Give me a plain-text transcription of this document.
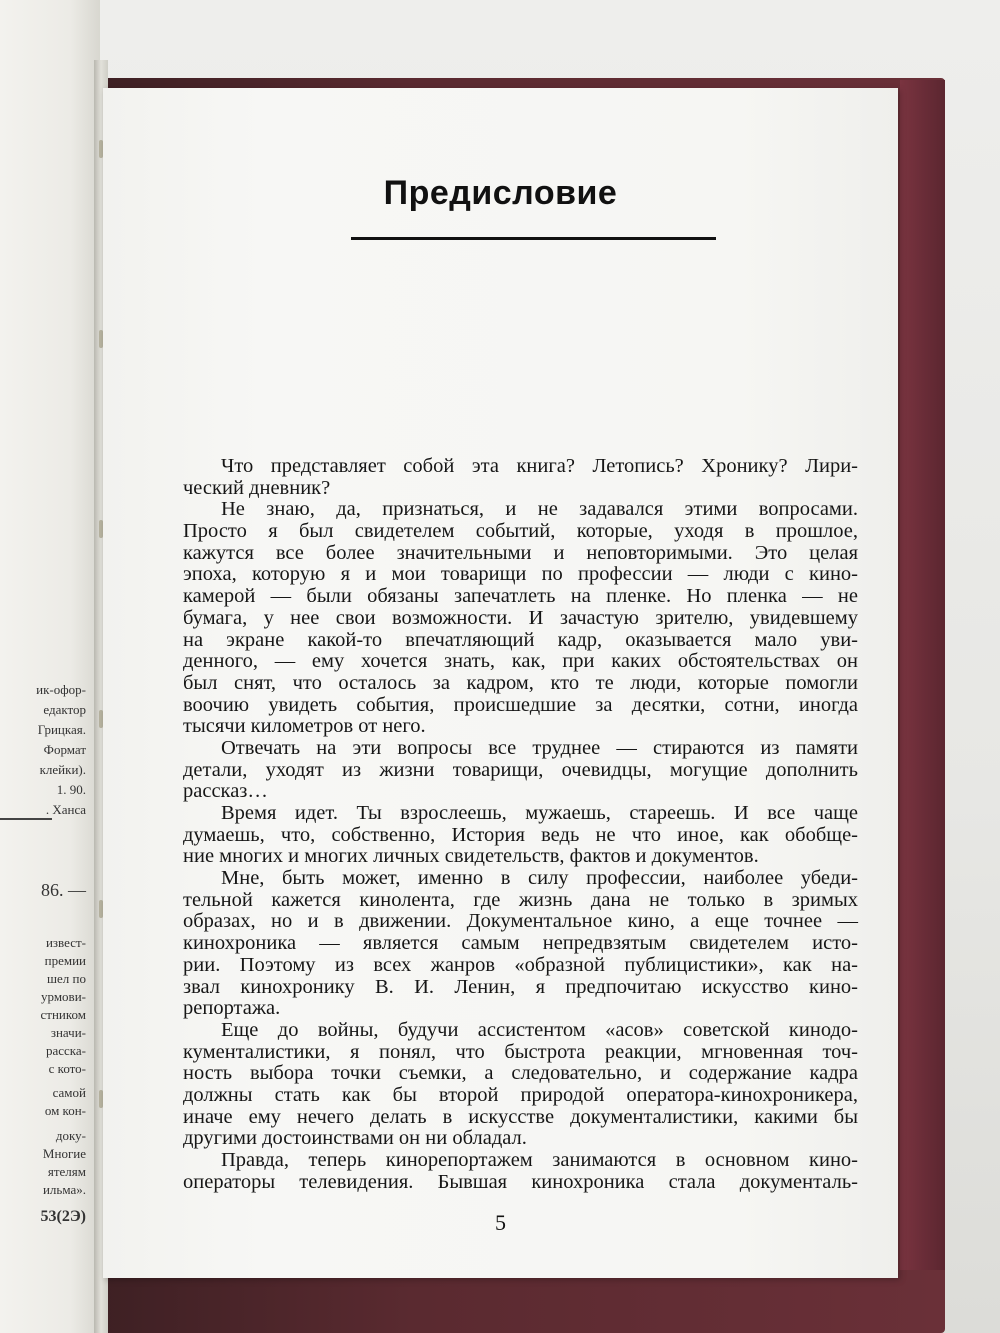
ик-офор-
едактор
Грицкая.
Формат
клейки).
1. 90.
. Хансa
86. —
извест-
премии
шел по
урмови-
стником
значи-
расска-
с кото-
самой
ом кон-
доку-
Многие
ятелям
ильма».
53(2Э)
Предисловие
Что представляет собой эта книга? Летопись? Хронику? Лири-
ческий дневник?
Не знаю, да, признаться, и не задавался этими вопросами.
Просто я был свидетелем событий, которые, уходя в прошлое,
кажутся все более значительными и неповторимыми. Это целая
эпоха, которую я и мои товарищи по профессии — люди с кино-
камерой — были обязаны запечатлеть на пленке. Но пленка — не
бумага, у нее свои возможности. И зачастую зрителю, увидевшему
на экране какой-то впечатляющий кадр, оказывается мало уви-
денного, — ему хочется знать, как, при каких обстоятельствах он
был снят, что осталось за кадром, кто те люди, которые помогли
воочию увидеть события, происшедшие за десятки, сотни, иногда
тысячи километров от него.
Отвечать на эти вопросы все труднее — стираются из памяти
детали, уходят из жизни товарищи, очевидцы, могущие дополнить
рассказ…
Время идет. Ты взрослеешь, мужаешь, стареешь. И все чаще
думаешь, что, собственно, История ведь не что иное, как обобще-
ние многих и многих личных свидетельств, фактов и документов.
Мне, быть может, именно в силу профессии, наиболее убеди-
тельной кажется кинолента, где жизнь дана не только в зримых
образах, но и в движении. Документальное кино, а еще точнее —
кинохроника — является самым непредвзятым свидетелем исто-
рии. Поэтому из всех жанров «образной публицистики», как на-
звал кинохронику В. И. Ленин, я предпочитаю искусство кино-
репортажа.
Еще до войны, будучи ассистентом «асов» советской кинодо-
кументалистики, я понял, что быстрота реакции, мгновенная точ-
ность выбора точки съемки, а следовательно, и содержание кадра
должны стать как бы второй природой оператора-кинохроникера,
иначе ему нечего делать в искусстве документалистики, какими бы
другими достоинствами он ни обладал.
Правда, теперь кинорепортажем занимаются в основном кино-
операторы телевидения. Бывшая кинохроника стала документаль-
5
